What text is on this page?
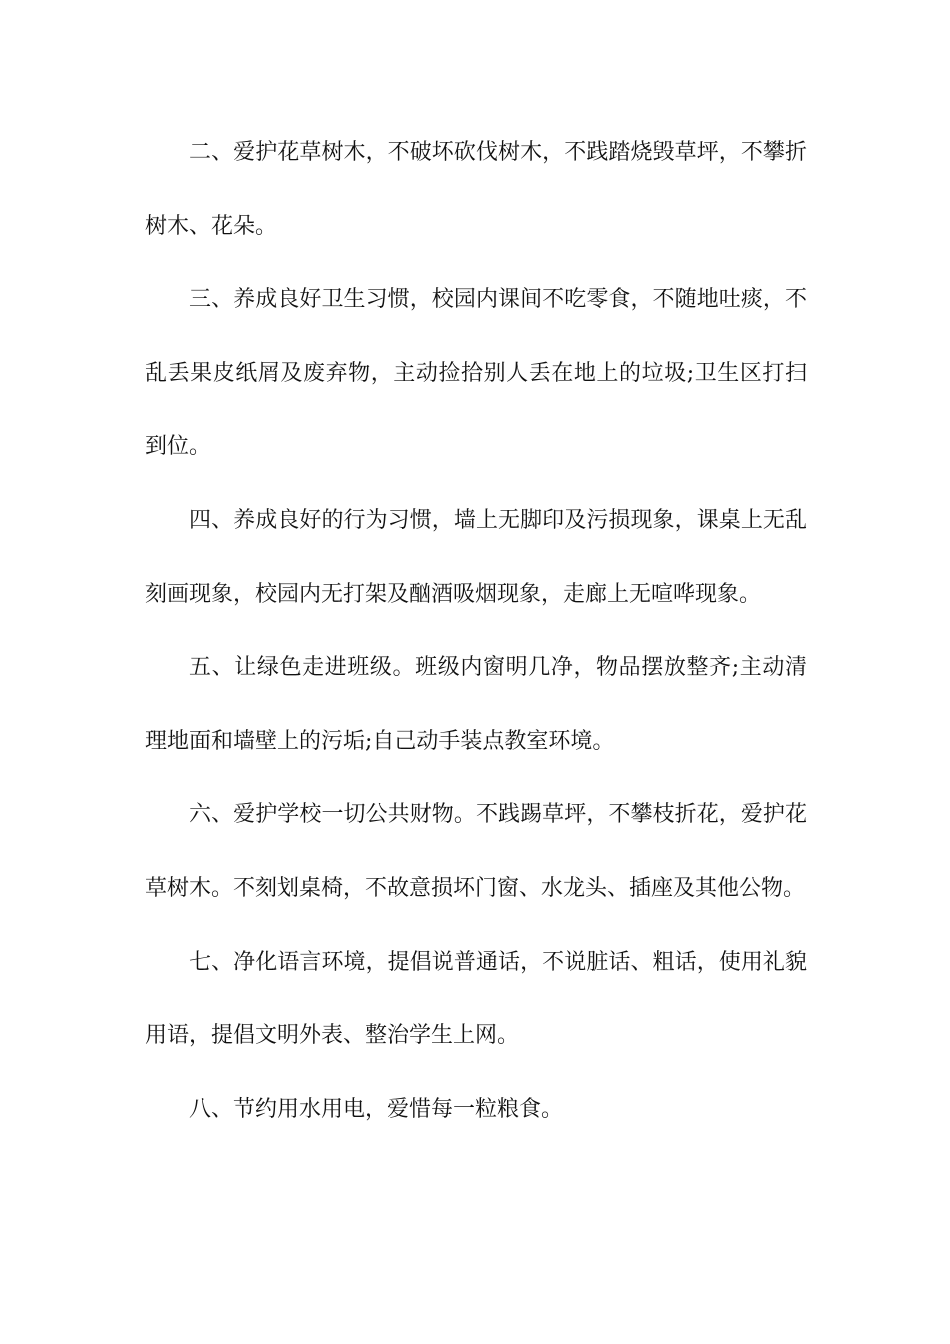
二、爱护花草树木，不破坏砍伐树木，不践踏烧毁草坪，不攀折树木、花朵。

三、养成良好卫生习惯，校园内课间不吃零食，不随地吐痰，不乱丢果皮纸屑及废弃物，主动捡拾别人丢在地上的垃圾;卫生区打扫到位。

四、养成良好的行为习惯，墙上无脚印及污损现象，课桌上无乱刻画现象，校园内无打架及酗酒吸烟现象，走廊上无喧哗现象。

五、让绿色走进班级。班级内窗明几净，物品摆放整齐;主动清理地面和墙壁上的污垢;自己动手装点教室环境。

六、爱护学校一切公共财物。不践踢草坪，不攀枝折花，爱护花草树木。不刻划桌椅，不故意损坏门窗、水龙头、插座及其他公物。

七、净化语言环境，提倡说普通话，不说脏话、粗话，使用礼貌用语，提倡文明外表、整治学生上网。

八、节约用水用电，爱惜每一粒粮食。
